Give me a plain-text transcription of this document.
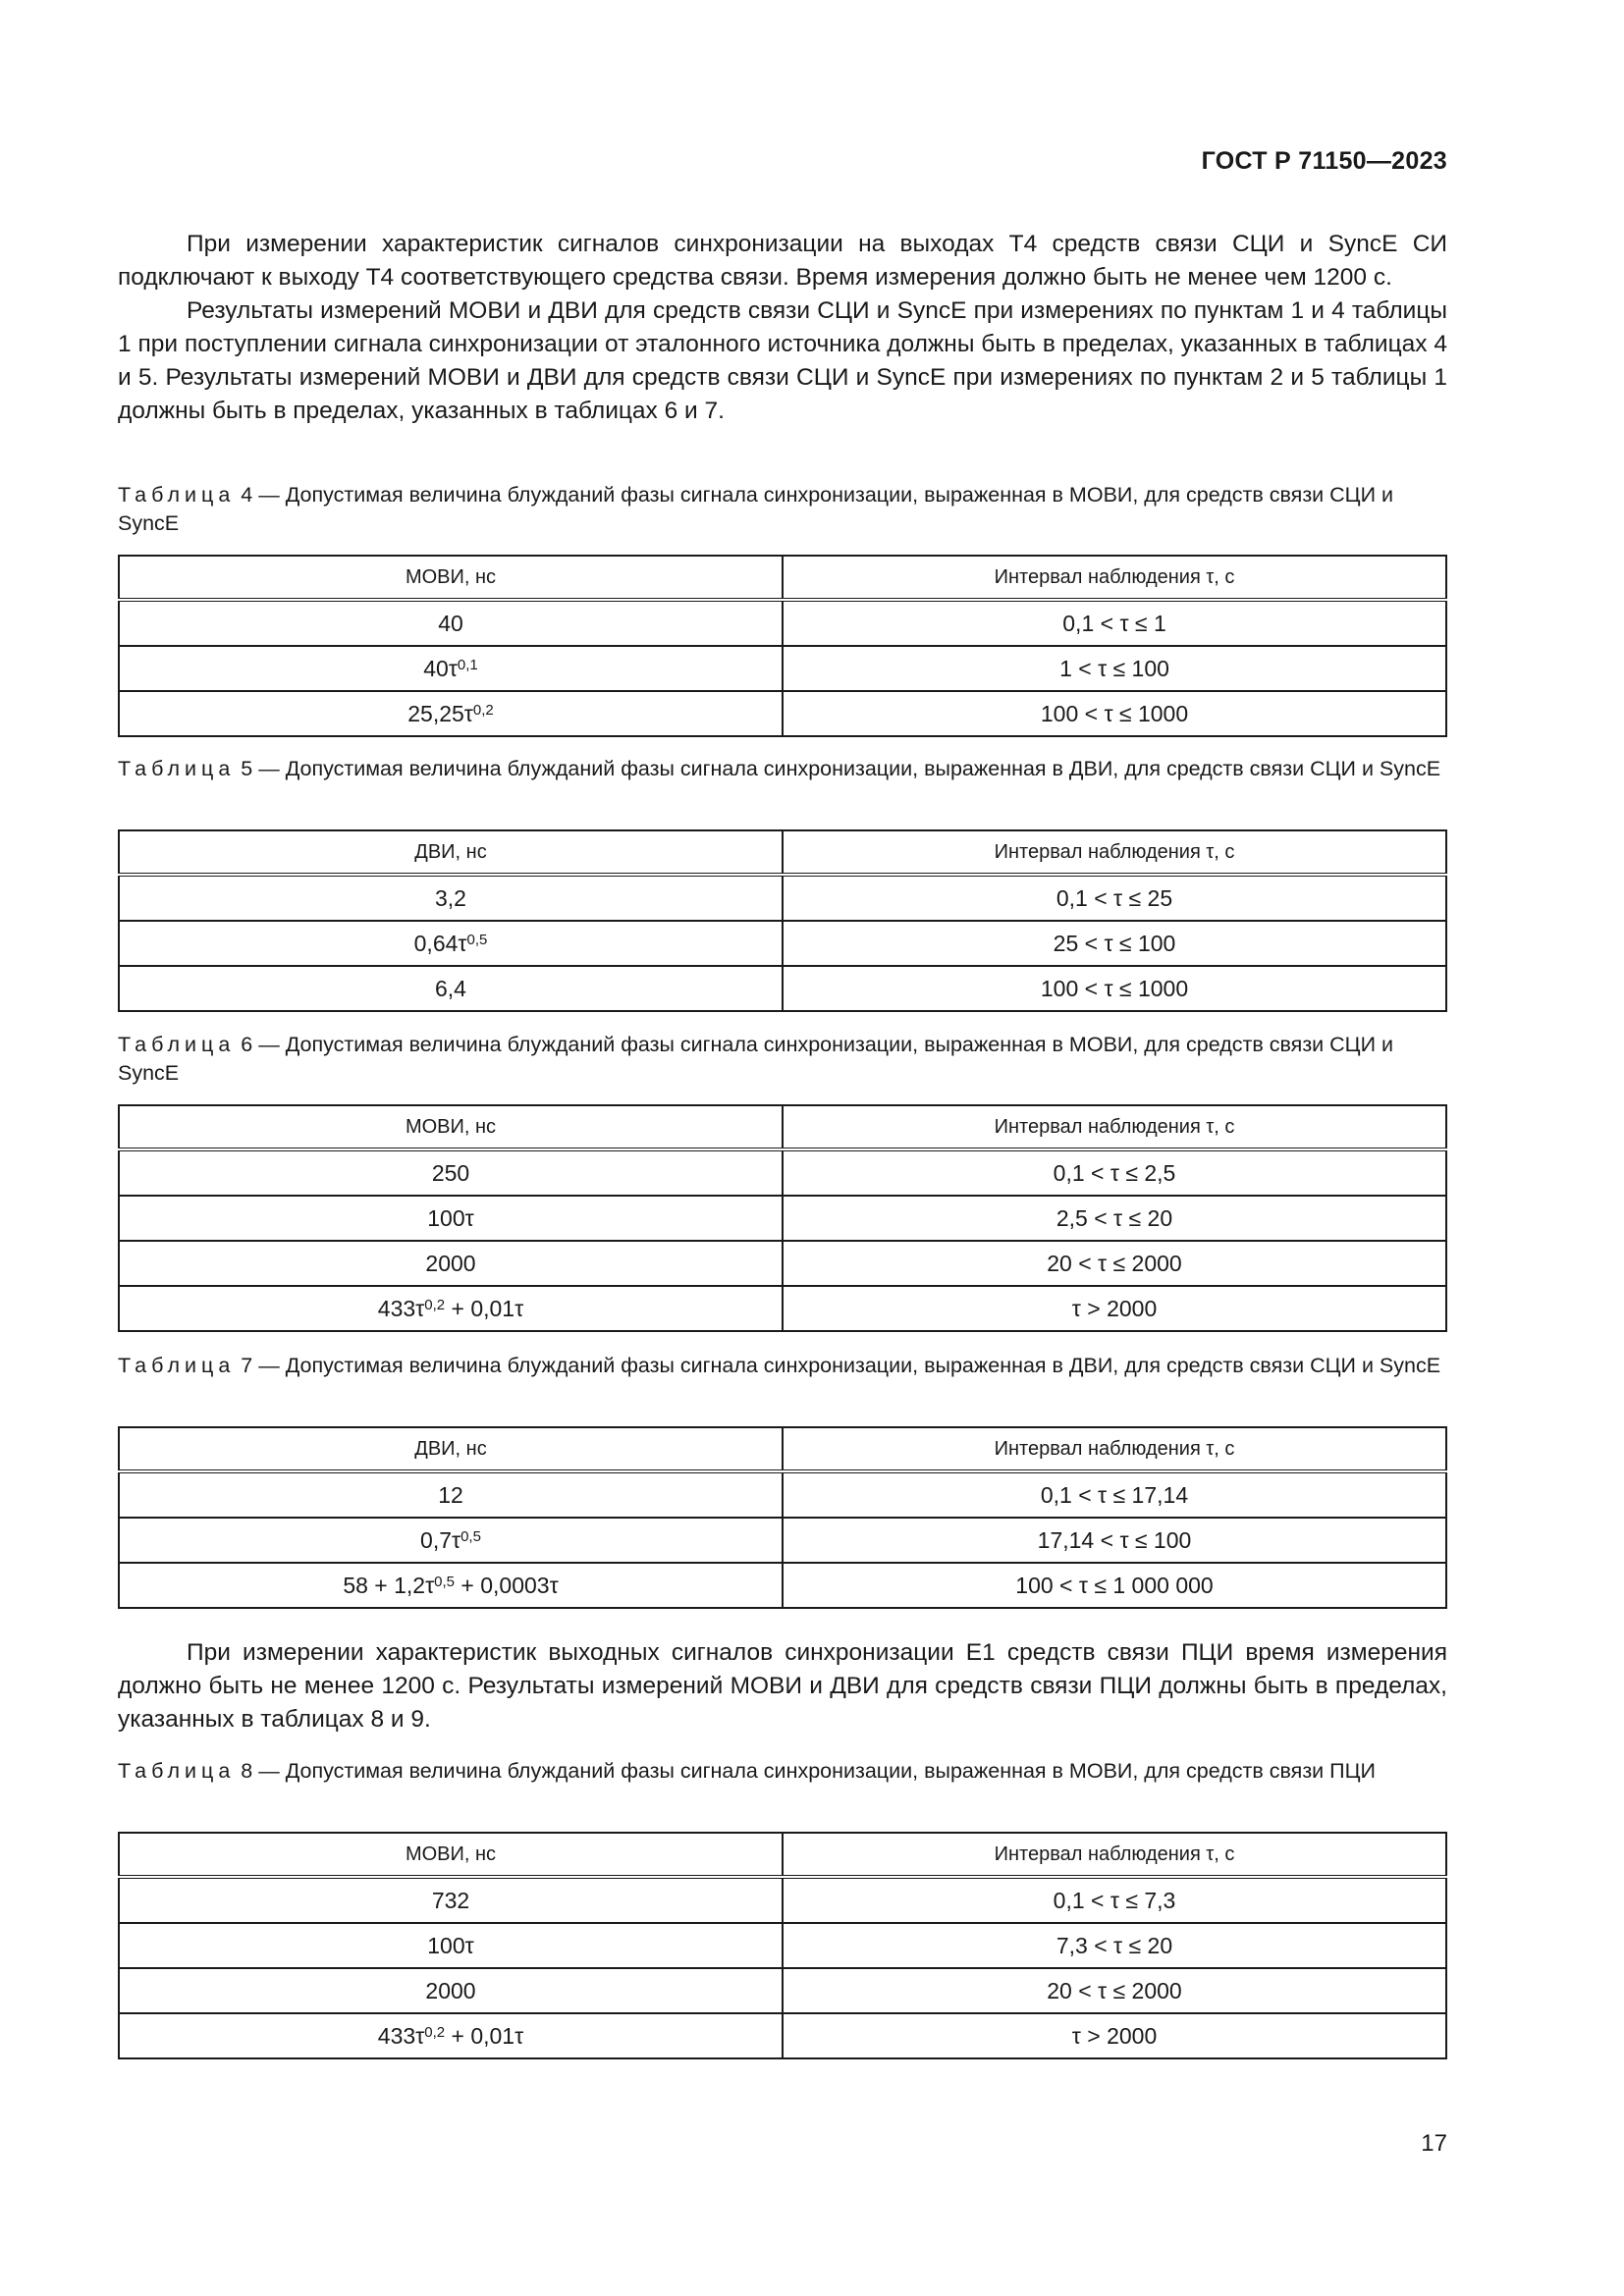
ГОСТ Р 71150—2023

При измерении характеристик сигналов синхронизации на выходах Т4 средств связи СЦИ и SyncE СИ подключают к выходу Т4 соответствующего средства связи. Время измерения должно быть не менее чем 1200 с.

Результаты измерений МОВИ и ДВИ для средств связи СЦИ и SyncE при измерениях по пунктам 1 и 4 таблицы 1 при поступлении сигнала синхронизации от эталонного источника должны быть в пределах, указанных в таблицах 4 и 5. Результаты измерений МОВИ и ДВИ для средств связи СЦИ и SyncE при измерениях по пунктам 2 и 5 таблицы 1 должны быть в пределах, указанных в таблицах 6 и 7.

Таблица 4 — Допустимая величина блужданий фазы сигнала синхронизации, выраженная в МОВИ, для средств связи СЦИ и SyncE
МОВИ, нс	Интервал наблюдения τ, с
40	0,1 < τ ≤ 1
$40\tau^{0,1}$	1 < τ ≤ 100
$25,25\tau^{0,2}$	100 < τ ≤ 1000
Таблица 5 — Допустимая величина блужданий фазы сигнала синхронизации, выраженная в ДВИ, для средств связи СЦИ и SyncE
ДВИ, нс	Интервал наблюдения τ, с
3,2	0,1 < τ ≤ 25
$0,64\tau^{0,5}$	25 < τ ≤ 100
6,4	100 < τ ≤ 1000
Таблица 6 — Допустимая величина блужданий фазы сигнала синхронизации, выраженная в МОВИ, для средств связи СЦИ и SyncE
МОВИ, нс	Интервал наблюдения τ, с
250	0,1 < τ ≤ 2,5
100τ	2,5 < τ ≤ 20
2000	20 < τ ≤ 2000
$433\tau^{0,2} + 0,01\tau$	τ > 2000
Таблица 7 — Допустимая величина блужданий фазы сигнала синхронизации, выраженная в ДВИ, для средств связи СЦИ и SyncE
ДВИ, нс	Интервал наблюдения τ, с
12	0,1 < τ ≤ 17,14
$0,7\tau^{0,5}$	17,14 < τ ≤ 100
$58 + 1,2\tau^{0,5} + 0,0003\tau$	100 < τ ≤ 1 000 000

При измерении характеристик выходных сигналов синхронизации Е1 средств связи ПЦИ время измерения должно быть не менее 1200 с. Результаты измерений МОВИ и ДВИ для средств связи ПЦИ должны быть в пределах, указанных в таблицах 8 и 9.

Таблица 8 — Допустимая величина блужданий фазы сигнала синхронизации, выраженная в МОВИ, для средств связи ПЦИ
МОВИ, нс	Интервал наблюдения τ, с
732	0,1 < τ ≤ 7,3
100τ	7,3 < τ ≤ 20
2000	20 < τ ≤ 2000
$433\tau^{0,2} + 0,01\tau$	τ > 2000
17
